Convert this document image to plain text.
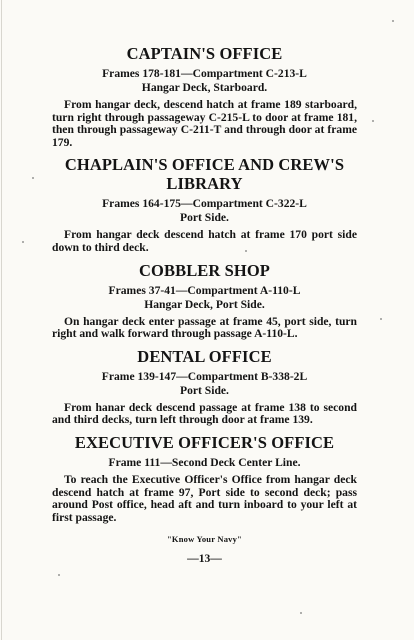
CAPTAIN'S OFFICE
Frames 178-181—Compartment C-213-L
Hangar Deck, Starboard.

From hangar deck, descend hatch at frame 189 starboard, turn right through passageway C-215-L to door at frame 181, then through passageway C-211-T and through door at frame 179.

CHAPLAIN'S OFFICE AND CREW'S LIBRARY
Frames 164-175—Compartment C-322-L
Port Side.

From hangar deck descend hatch at frame 170 port side down to third deck.

COBBLER SHOP
Frames 37-41—Compartment A-110-L
Hangar Deck, Port Side.

On hangar deck enter passage at frame 45, port side, turn right and walk forward through passage A-110-L.

DENTAL OFFICE
Frame 139-147—Compartment B-338-2L
Port Side.

From hanar deck descend passage at frame 138 to second and third decks, turn left through door at frame 139.

EXECUTIVE OFFICER'S OFFICE
Frame 111—Second Deck Center Line.

To reach the Executive Officer's Office from hangar deck descend hatch at frame 97, Port side to second deck; pass around Post office, head aft and turn inboard to your left at first passage.

"Know Your Navy"
—13—
